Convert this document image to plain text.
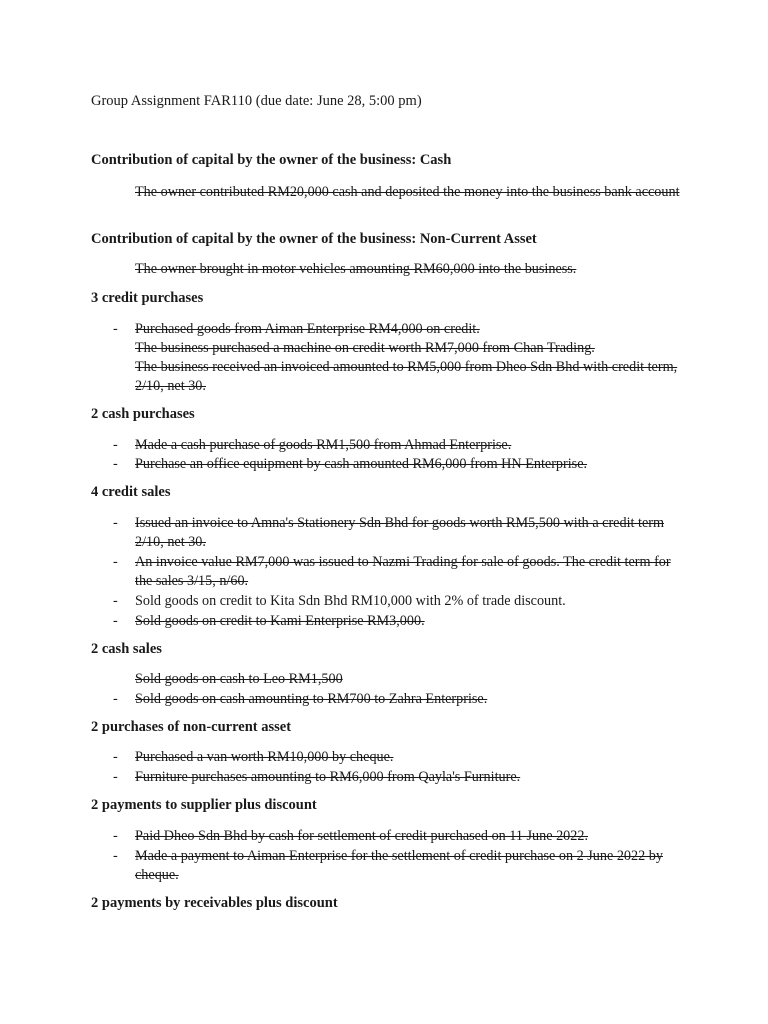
Group Assignment FAR110 (due date: June 28, 5:00 pm)
Contribution of capital by the owner of the business: Cash
The owner contributed RM20,000 cash and deposited the money into the business bank account
Contribution of capital by the owner of the business: Non-Current Asset
The owner brought in motor vehicles amounting RM60,000 into the business.
3 credit purchases
-	Purchased goods from Aiman Enterprise RM4,000 on credit.
The business purchased a machine on credit worth RM7,000 from Chan Trading.
The business received an invoiced amounted to RM5,000 from Dheo Sdn Bhd with credit term, 2/10, net 30.
2 cash purchases
-	Made a cash purchase of goods RM1,500 from Ahmad Enterprise.
-	Purchase an office equipment by cash amounted RM6,000 from HN Enterprise.
4 credit sales
-	Issued an invoice to Amna's Stationery Sdn Bhd for goods worth RM5,500 with a credit term 2/10, net 30.
-	An invoice value RM7,000 was issued to Nazmi Trading for sale of goods. The credit term for the sales 3/15, n/60.
-	Sold goods on credit to Kita Sdn Bhd RM10,000 with 2% of trade discount.
-	Sold goods on credit to Kami Enterprise RM3,000.
2 cash sales
Sold goods on cash to Leo RM1,500
-	Sold goods on cash amounting to RM700 to Zahra Enterprise.
2 purchases of non-current asset
-	Purchased a van worth RM10,000 by cheque.
-	Furniture purchases amounting to RM6,000 from Qayla's Furniture.
2 payments to supplier plus discount
-	Paid Dheo Sdn Bhd by cash for settlement of credit purchased on 11 June 2022.
-	Made a payment to Aiman Enterprise for the settlement of credit purchase on 2 June 2022 by cheque.
2 payments by receivables plus discount
